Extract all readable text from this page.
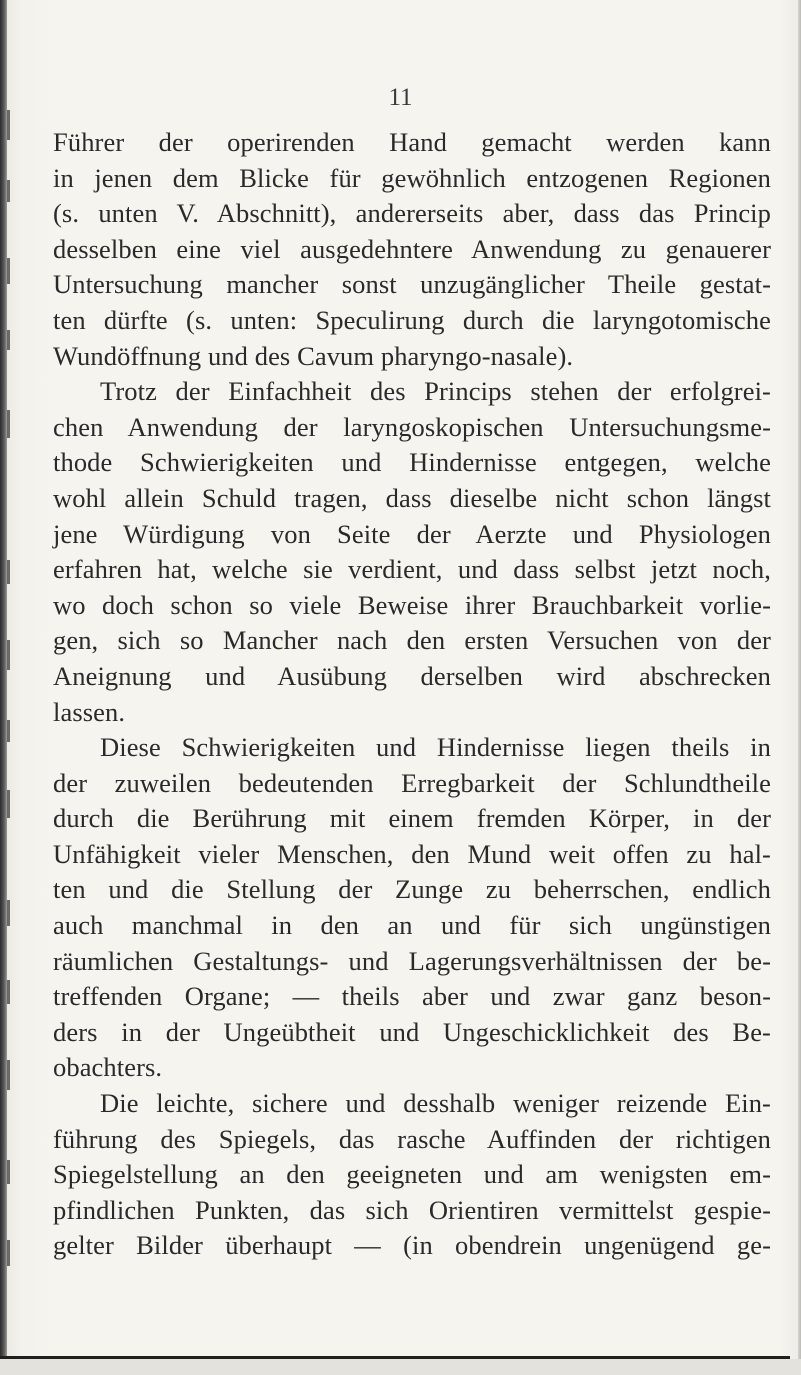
11
Führer der operirenden Hand gemacht werden kann
in jenen dem Blicke für gewöhnlich entzogenen Regionen
(s. unten V. Abschnitt), andererseits aber, dass das Princip
desselben eine viel ausgedehntere Anwendung zu genauerer
Untersuchung mancher sonst unzugänglicher Theile gestat-
ten dürfte (s. unten: Speculirung durch die laryngotomische
Wundöffnung und des Cavum pharyngo-nasale).
Trotz der Einfachheit des Princips stehen der erfolgrei-
chen Anwendung der laryngoskopischen Untersuchungsme-
thode Schwierigkeiten und Hindernisse entgegen, welche
wohl allein Schuld tragen, dass dieselbe nicht schon längst
jene Würdigung von Seite der Aerzte und Physiologen
erfahren hat, welche sie verdient, und dass selbst jetzt noch,
wo doch schon so viele Beweise ihrer Brauchbarkeit vorlie-
gen, sich so Mancher nach den ersten Versuchen von der
Aneignung und Ausübung derselben wird abschrecken
lassen.
Diese Schwierigkeiten und Hindernisse liegen theils in
der zuweilen bedeutenden Erregbarkeit der Schlundtheile
durch die Berührung mit einem fremden Körper, in der
Unfähigkeit vieler Menschen, den Mund weit offen zu hal-
ten und die Stellung der Zunge zu beherrschen, endlich
auch manchmal in den an und für sich ungünstigen
räumlichen Gestaltungs- und Lagerungsverhältnissen der be-
treffenden Organe; — theils aber und zwar ganz beson-
ders in der Ungeübtheit und Ungeschicklichkeit des Be-
obachters.
Die leichte, sichere und desshalb weniger reizende Ein-
führung des Spiegels, das rasche Auffinden der richtigen
Spiegelstellung an den geeigneten und am wenigsten em-
pfindlichen Punkten, das sich Orientiren vermittelst gespie-
gelter Bilder überhaupt — (in obendrein ungenügend ge-
